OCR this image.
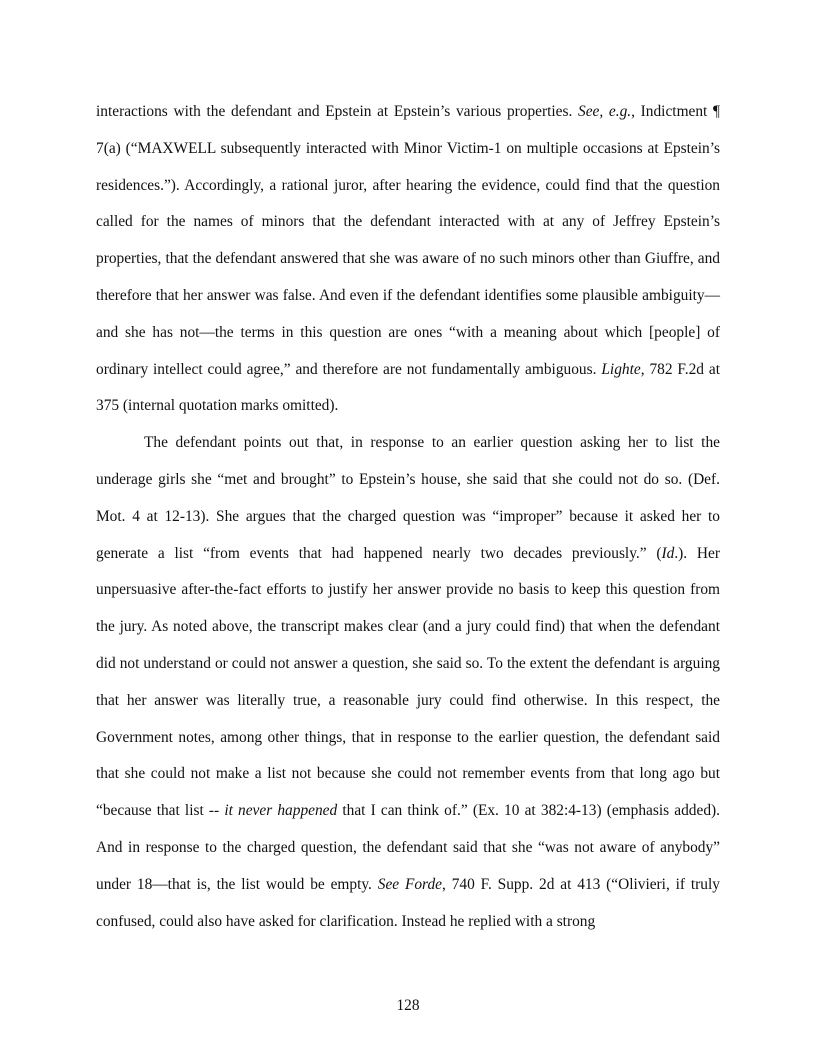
interactions with the defendant and Epstein at Epstein’s various properties. See, e.g., Indictment ¶ 7(a) (“MAXWELL subsequently interacted with Minor Victim-1 on multiple occasions at Epstein’s residences.”). Accordingly, a rational juror, after hearing the evidence, could find that the question called for the names of minors that the defendant interacted with at any of Jeffrey Epstein’s properties, that the defendant answered that she was aware of no such minors other than Giuffre, and therefore that her answer was false. And even if the defendant identifies some plausible ambiguity—and she has not—the terms in this question are ones “with a meaning about which [people] of ordinary intellect could agree,” and therefore are not fundamentally ambiguous. Lighte, 782 F.2d at 375 (internal quotation marks omitted).

The defendant points out that, in response to an earlier question asking her to list the underage girls she “met and brought” to Epstein’s house, she said that she could not do so. (Def. Mot. 4 at 12-13). She argues that the charged question was “improper” because it asked her to generate a list “from events that had happened nearly two decades previously.” (Id.). Her unpersuasive after-the-fact efforts to justify her answer provide no basis to keep this question from the jury. As noted above, the transcript makes clear (and a jury could find) that when the defendant did not understand or could not answer a question, she said so. To the extent the defendant is arguing that her answer was literally true, a reasonable jury could find otherwise. In this respect, the Government notes, among other things, that in response to the earlier question, the defendant said that she could not make a list not because she could not remember events from that long ago but “because that list -- it never happened that I can think of.” (Ex. 10 at 382:4-13) (emphasis added). And in response to the charged question, the defendant said that she “was not aware of anybody” under 18—that is, the list would be empty. See Forde, 740 F. Supp. 2d at 413 (“Olivieri, if truly confused, could also have asked for clarification. Instead he replied with a strong

128
